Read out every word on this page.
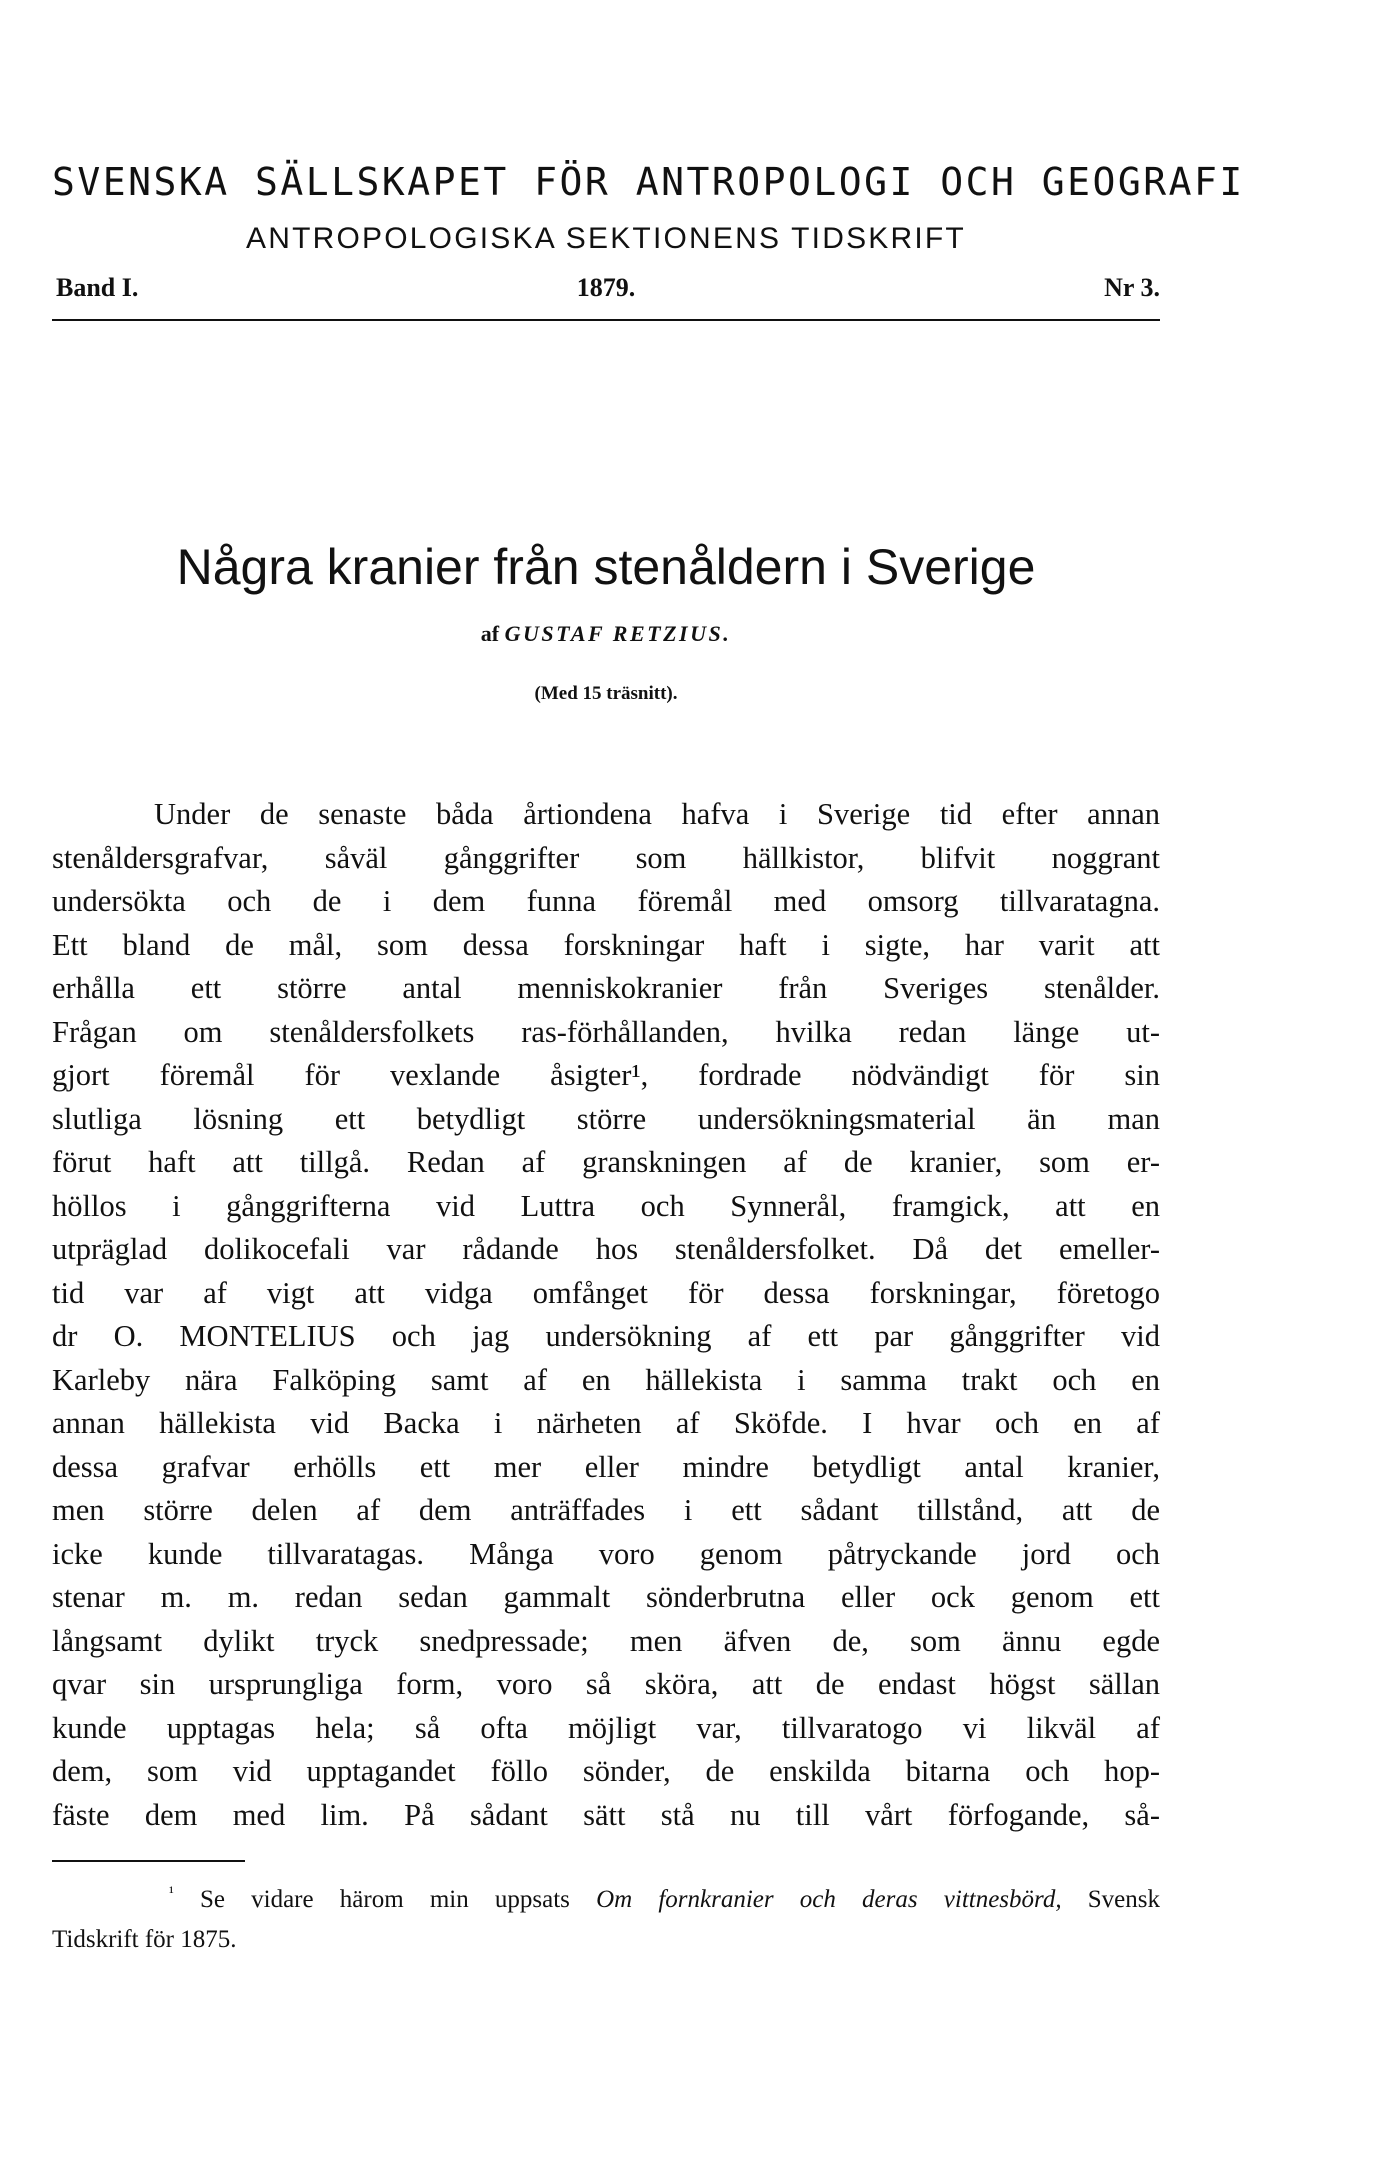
SVENSKA SÄLLSKAPET FÖR ANTROPOLOGI OCH GEOGRAFI
ANTROPOLOGISKA SEKTIONENS TIDSKRIFT
Band I.	1879.	Nr 3.
Några kranier från stenåldern i Sverige
af GUSTAF RETZIUS.
(Med 15 träsnitt).
Under de senaste båda årtiondena hafva i Sverige tid efter annan
stenåldersgrafvar, såväl gånggrifter som hällkistor, blifvit noggrant
undersökta och de i dem funna föremål med omsorg tillvaratagna.
Ett bland de mål, som dessa forskningar haft i sigte, har varit att
erhålla ett större antal menniskokranier från Sveriges stenålder.
Frågan om stenåldersfolkets ras-förhållanden, hvilka redan länge ut-
gjort föremål för vexlande åsigter¹, fordrade nödvändigt för sin
slutliga lösning ett betydligt större undersökningsmaterial än man
förut haft att tillgå. Redan af granskningen af de kranier, som er-
höllos i gånggrifterna vid Luttra och Synnerål, framgick, att en
utpräglad dolikocefali var rådande hos stenåldersfolket. Då det emeller-
tid var af vigt att vidga omfånget för dessa forskningar, företogo
dr O. MONTELIUS och jag undersökning af ett par gånggrifter vid
Karleby nära Falköping samt af en hällekista i samma trakt och en
annan hällekista vid Backa i närheten af Sköfde. I hvar och en af
dessa grafvar erhölls ett mer eller mindre betydligt antal kranier,
men större delen af dem anträffades i ett sådant tillstånd, att de
icke kunde tillvaratagas. Många voro genom påtryckande jord och
stenar m. m. redan sedan gammalt sönderbrutna eller ock genom ett
långsamt dylikt tryck snedpressade; men äfven de, som ännu egde
qvar sin ursprungliga form, voro så sköra, att de endast högst sällan
kunde upptagas hela; så ofta möjligt var, tillvaratogo vi likväl af
dem, som vid upptagandet föllo sönder, de enskilda bitarna och hop-
fäste dem med lim. På sådant sätt stå nu till vårt förfogande, så-
$^{^1}$ Se vidare härom min uppsats Om fornkranier och deras vittnesbörd, Svensk
Tidskrift för 1875.
